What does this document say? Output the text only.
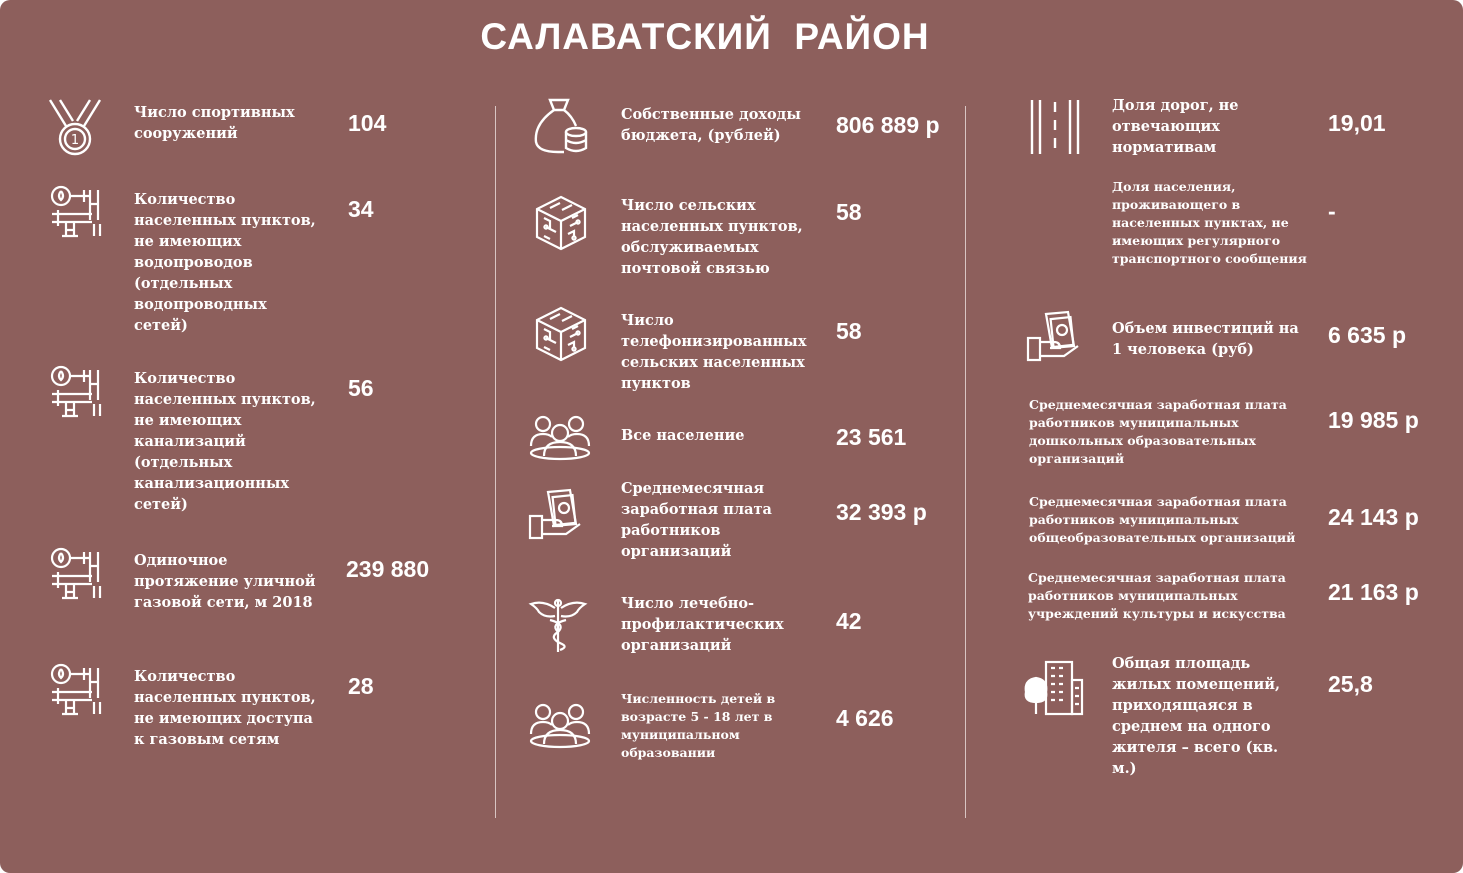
САЛАВАТСКИЙ  РАЙОН
1
Число спортивных сооружений	104
Количество населенных пунктов, не имеющих водопроводов (отдельных водопроводных сетей)
34
Количество населенных пунктов, не имеющих канализаций (отдельных канализационных сетей)
56
Одиночное протяжение уличной газовой сети, м 2018
239 880
Количество населенных пунктов, не имеющих доступа к газовым сетям
28
Собственные доходы бюджета, (рублей)	806 889 р
Число сельских населенных пунктов, обслуживаемых почтовой связью
58
Число телефонизированных сельских населенных пунктов
58
Все население	23 561
Среднемесячная заработная плата работников организаций
32 393 р
Число лечебно-профилактических организаций
42
Численность детей в возрасте 5 - 18 лет в муниципальном образовании
4 626
Доля дорог, не отвечающих нормативам
19,01
Доля населения, проживающего в населенных пунктах, не имеющих регулярного транспортного сообщения
-
Объем инвестиций на 1 человека (руб)
6 635 р
Среднемесячная заработная плата работников муниципальных дошкольных образовательных организаций
19 985 р
Среднемесячная заработная плата работников муниципальных общеобразовательных организаций
24 143 р
Среднемесячная заработная плата работников муниципальных учреждений культуры и искусства
21 163 р
Общая площадь жилых помещений, приходящаяся в среднем на одного жителя – всего (кв. м.)
25,8
